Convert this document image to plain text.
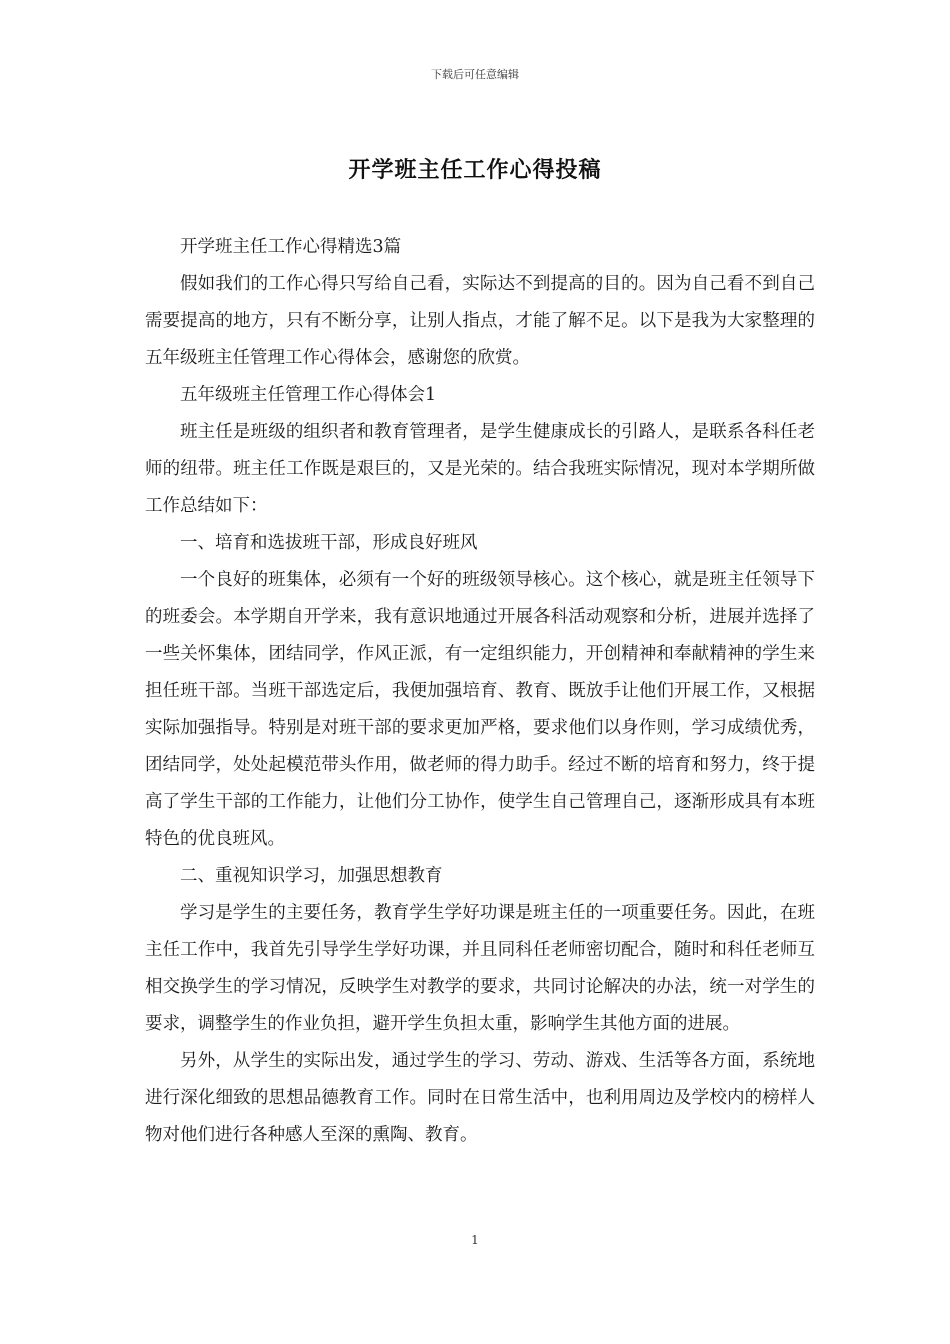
下载后可任意编辑
开学班主任工作心得投稿

开学班主任工作心得精选3篇

假如我们的工作心得只写给自己看，实际达不到提高的目的。因为自己看不到自己需要提高的地方，只有不断分享，让别人指点，才能了解不足。以下是我为大家整理的五年级班主任管理工作心得体会，感谢您的欣赏。

五年级班主任管理工作心得体会1

班主任是班级的组织者和教育管理者，是学生健康成长的引路人，是联系各科任老师的纽带。班主任工作既是艰巨的，又是光荣的。结合我班实际情况，现对本学期所做工作总结如下：

一、培育和选拔班干部，形成良好班风

一个良好的班集体，必须有一个好的班级领导核心。这个核心，就是班主任领导下的班委会。本学期自开学来，我有意识地通过开展各科活动观察和分析，进展并选择了一些关怀集体，团结同学，作风正派，有一定组织能力，开创精神和奉献精神的学生来担任班干部。当班干部选定后，我便加强培育、教育、既放手让他们开展工作，又根据实际加强指导。特别是对班干部的要求更加严格，要求他们以身作则，学习成绩优秀，团结同学，处处起模范带头作用，做老师的得力助手。经过不断的培育和努力，终于提高了学生干部的工作能力，让他们分工协作，使学生自己管理自己，逐渐形成具有本班特色的优良班风。

二、重视知识学习，加强思想教育

学习是学生的主要任务，教育学生学好功课是班主任的一项重要任务。因此，在班主任工作中，我首先引导学生学好功课，并且同科任老师密切配合，随时和科任老师互相交换学生的学习情况，反映学生对教学的要求，共同讨论解决的办法，统一对学生的要求，调整学生的作业负担，避开学生负担太重，影响学生其他方面的进展。

另外，从学生的实际出发，通过学生的学习、劳动、游戏、生活等各方面，系统地进行深化细致的思想品德教育工作。同时在日常生活中，也利用周边及学校内的榜样人物对他们进行各种感人至深的熏陶、教育。

1
